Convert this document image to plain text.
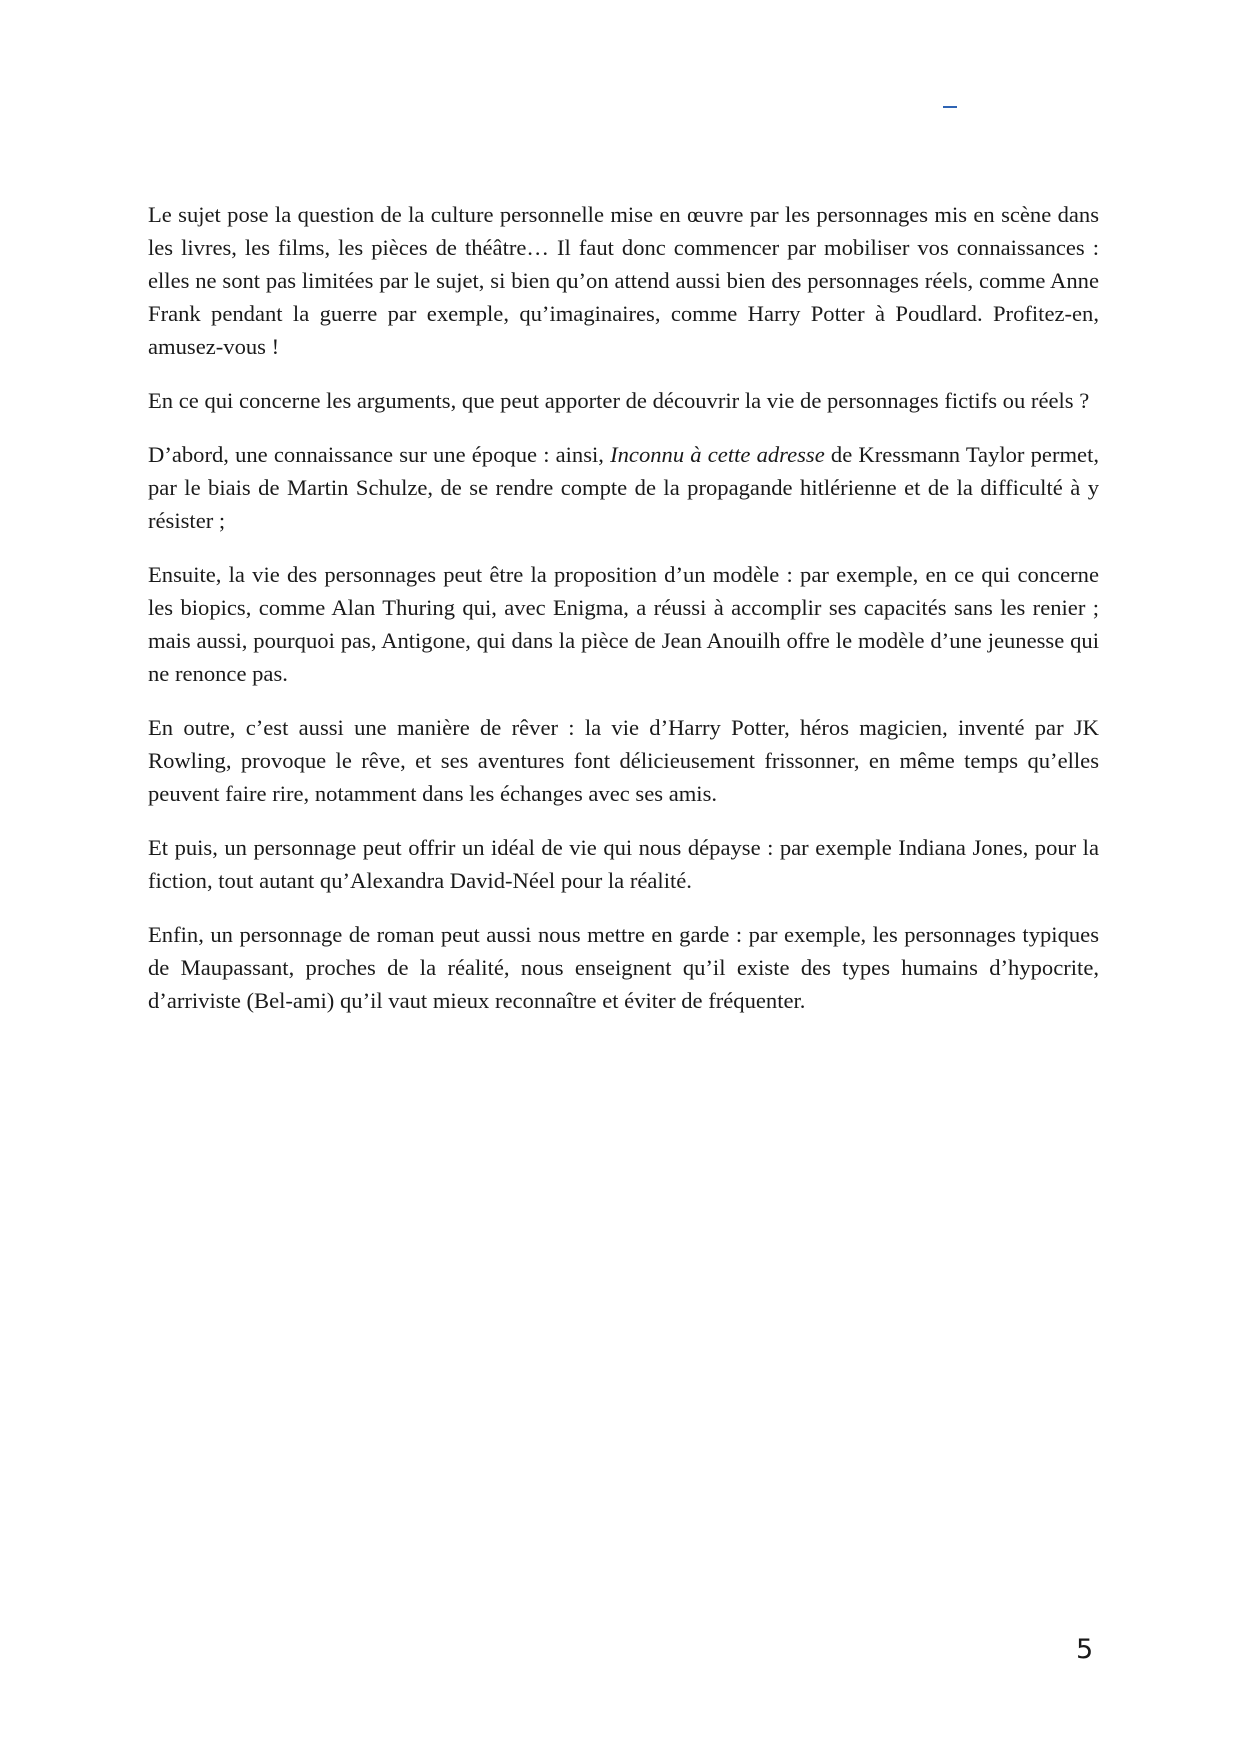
Le sujet pose la question de la culture personnelle mise en œuvre par les personnages mis en scène dans les livres, les films, les pièces de théâtre… Il faut donc commencer par mobiliser vos connaissances : elles ne sont pas limitées par le sujet, si bien qu’on attend aussi bien des personnages réels, comme Anne Frank pendant la guerre par exemple, qu’imaginaires, comme Harry Potter à Poudlard. Profitez-en, amusez-vous !

En ce qui concerne les arguments, que peut apporter de découvrir la vie de personnages fictifs ou réels ?

D’abord, une connaissance sur une époque : ainsi, Inconnu à cette adresse de Kressmann Taylor permet, par le biais de Martin Schulze, de se rendre compte de la propagande hitlérienne et de la difficulté à y résister ;

Ensuite, la vie des personnages peut être la proposition d’un modèle : par exemple, en ce qui concerne les biopics, comme Alan Thuring qui, avec Enigma, a réussi à accomplir ses capacités sans les renier ; mais aussi, pourquoi pas, Antigone, qui dans la pièce de Jean Anouilh offre le modèle d’une jeunesse qui ne renonce pas.

En outre, c’est aussi une manière de rêver : la vie d’Harry Potter, héros magicien, inventé par JK Rowling, provoque le rêve, et ses aventures font délicieusement frissonner, en même temps qu’elles peuvent faire rire, notamment dans les échanges avec ses amis.

Et puis, un personnage peut offrir un idéal de vie qui nous dépayse : par exemple Indiana Jones, pour la fiction, tout autant qu’Alexandra David-Néel pour la réalité.

Enfin, un personnage de roman peut aussi nous mettre en garde : par exemple, les personnages typiques de Maupassant, proches de la réalité, nous enseignent qu’il existe des types humains d’hypocrite, d’arriviste (Bel-ami) qu’il vaut mieux reconnaître et éviter de fréquenter.

5
